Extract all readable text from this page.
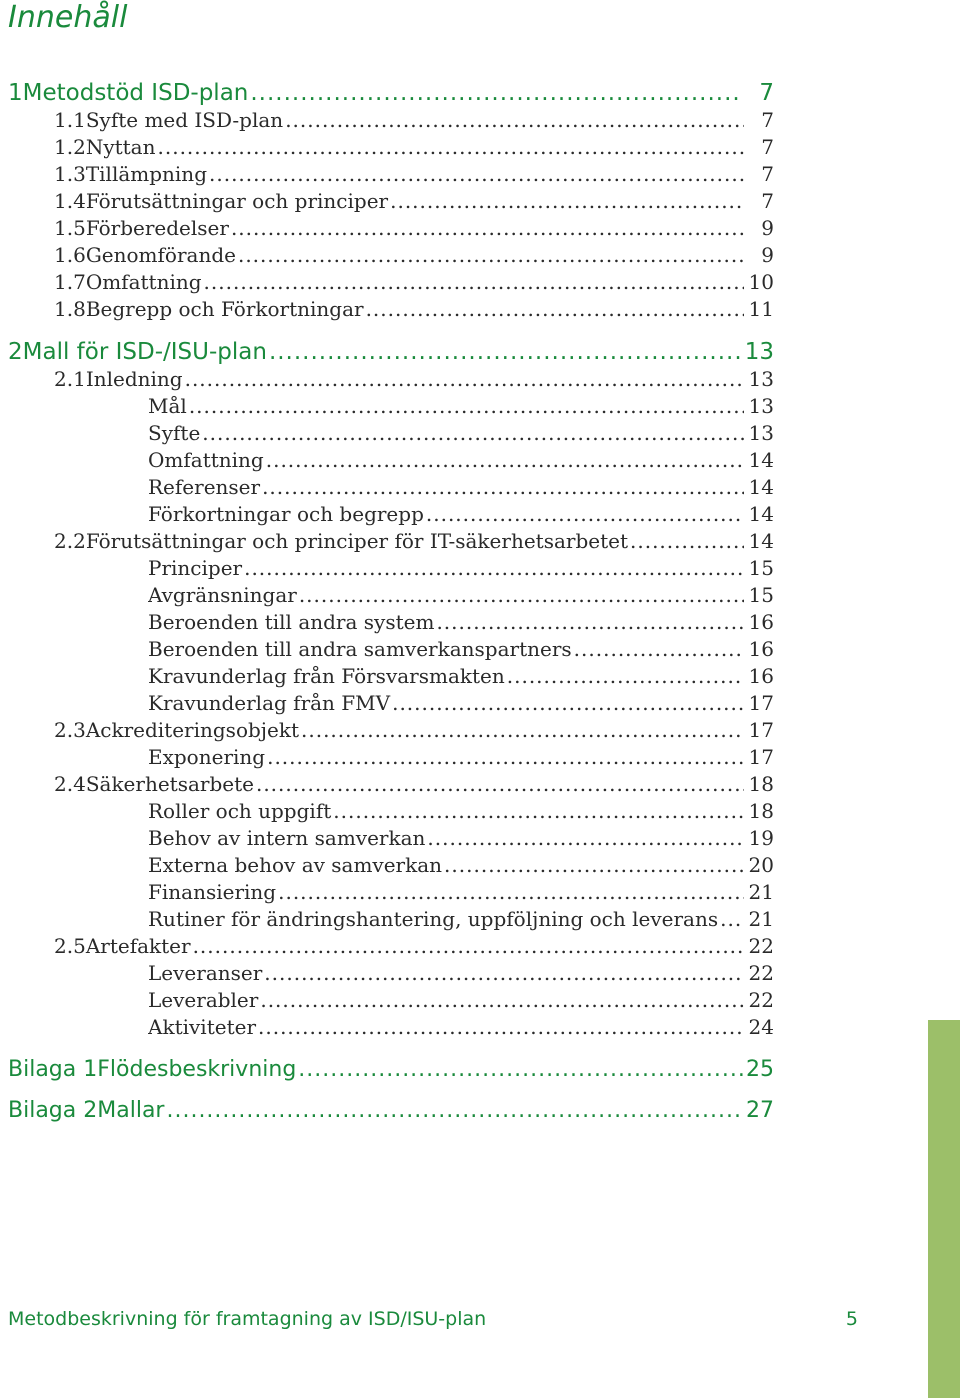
Innehåll
1 Metodstöd ISD-plan .....	7
1.1 Syfte med ISD-plan .....	7
1.2 Nyttan .....	7
1.3 Tillämpning .....	7
1.4 Förutsättningar och principer .....	7
1.5 Förberedelser .....	9
1.6 Genomförande .....	9
1.7 Omfattning .....	10
1.8 Begrepp och Förkortningar .....	11
2 Mall för ISD-/ISU-plan .....	13
2.1 Inledning .....	13
Mål .....	13
Syfte .....	13
Omfattning .....	14
Referenser .....	14
Förkortningar och begrepp .....	14
2.2 Förutsättningar och principer för IT-säkerhetsarbetet .....	14
Principer .....	15
Avgränsningar .....	15
Beroenden till andra system .....	16
Beroenden till andra samverkanspartners .....	16
Kravunderlag från Försvarsmakten .....	16
Kravunderlag från FMV .....	17
2.3 Ackrediteringsobjekt .....	17
Exponering .....	17
2.4 Säkerhetsarbete .....	18
Roller och uppgift .....	18
Behov av intern samverkan .....	19
Externa behov av samverkan .....	20
Finansiering .....	21
Rutiner för ändringshantering, uppföljning och leverans ..... 21
2.5 Artefakter .....	22
Leveranser .....	22
Leverabler .....	22
Aktiviteter .....	24
Bilaga 1 Flödesbeskrivning .....	25
Bilaga 2 Mallar .....	27
Metodbeskrivning för framtagning av ISD/ISU-plan	5
